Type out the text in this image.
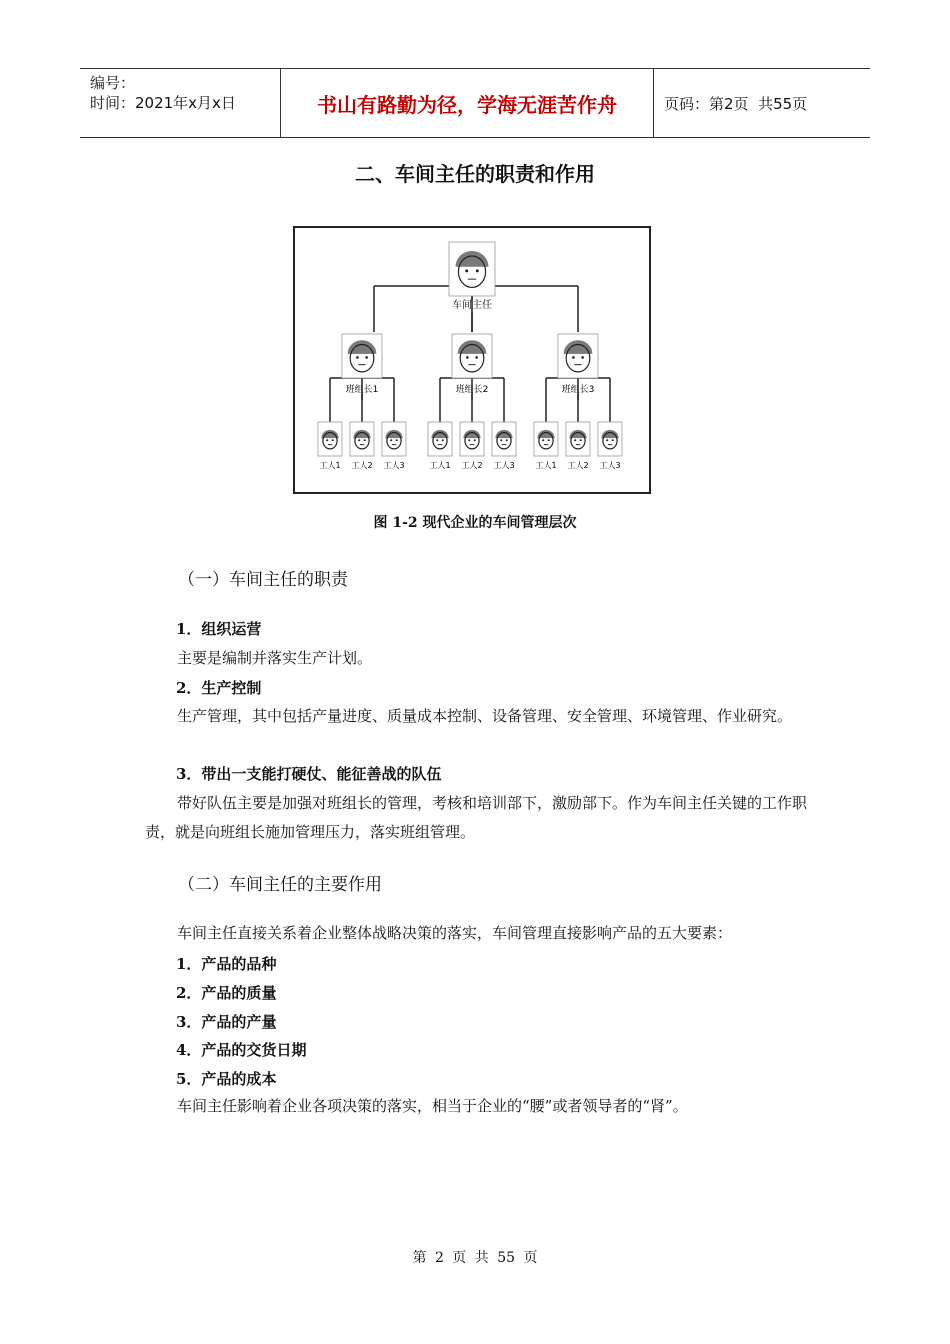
编号：
时间：2021年x月x日	书山有路勤为径，学海无涯苦作舟	页码：第2页  共55页
二、车间主任的职责和作用
车间主任
班组长1	班组长2	班组长3
工人1 工人2 工人3	工人1 工人2 工人3	工人1 工人2 工人3
图 1-2 现代企业的车间管理层次
（一）车间主任的职责
1．组织运营
主要是编制并落实生产计划。
2．生产控制
生产管理，其中包括产量进度、质量成本控制、设备管理、安全管理、环境管理、作业研究。
3．带出一支能打硬仗、能征善战的队伍
带好队伍主要是加强对班组长的管理，考核和培训部下，激励部下。作为车间主任关键的工作职责，就是向班组长施加管理压力，落实班组管理。
（二）车间主任的主要作用
车间主任直接关系着企业整体战略决策的落实，车间管理直接影响产品的五大要素：
1．产品的品种
2．产品的质量
3．产品的产量
4．产品的交货日期
5．产品的成本
车间主任影响着企业各项决策的落实，相当于企业的“腰”或者领导者的“肾”。
第 2 页 共 55 页
